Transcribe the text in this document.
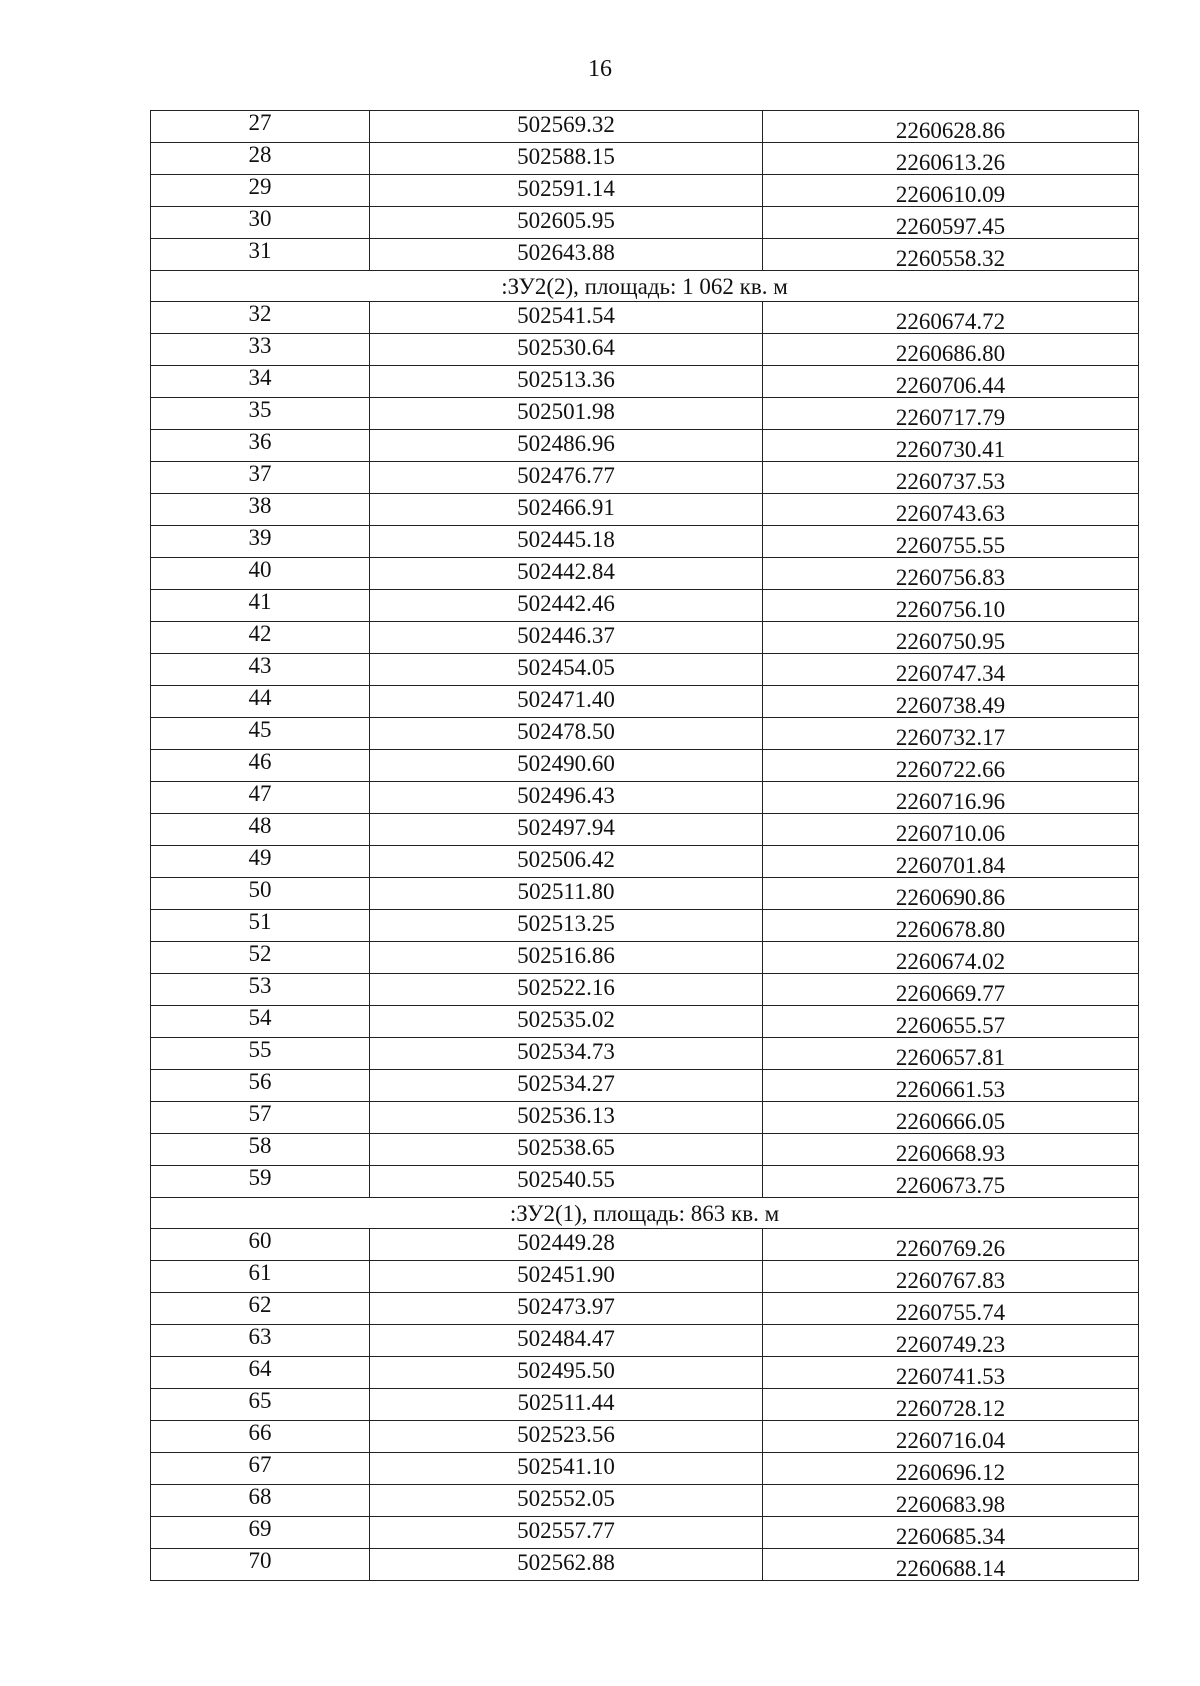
16
27	502569.32	2260628.86
28	502588.15	2260613.26
29	502591.14	2260610.09
30	502605.95	2260597.45
31	502643.88	2260558.32
:ЗУ2(2), площадь: 1 062 кв. м		
32	502541.54	2260674.72
33	502530.64	2260686.80
34	502513.36	2260706.44
35	502501.98	2260717.79
36	502486.96	2260730.41
37	502476.77	2260737.53
38	502466.91	2260743.63
39	502445.18	2260755.55
40	502442.84	2260756.83
41	502442.46	2260756.10
42	502446.37	2260750.95
43	502454.05	2260747.34
44	502471.40	2260738.49
45	502478.50	2260732.17
46	502490.60	2260722.66
47	502496.43	2260716.96
48	502497.94	2260710.06
49	502506.42	2260701.84
50	502511.80	2260690.86
51	502513.25	2260678.80
52	502516.86	2260674.02
53	502522.16	2260669.77
54	502535.02	2260655.57
55	502534.73	2260657.81
56	502534.27	2260661.53
57	502536.13	2260666.05
58	502538.65	2260668.93
59	502540.55	2260673.75
:ЗУ2(1), площадь: 863 кв. м		
60	502449.28	2260769.26
61	502451.90	2260767.83
62	502473.97	2260755.74
63	502484.47	2260749.23
64	502495.50	2260741.53
65	502511.44	2260728.12
66	502523.56	2260716.04
67	502541.10	2260696.12
68	502552.05	2260683.98
69	502557.77	2260685.34
70	502562.88	2260688.14
